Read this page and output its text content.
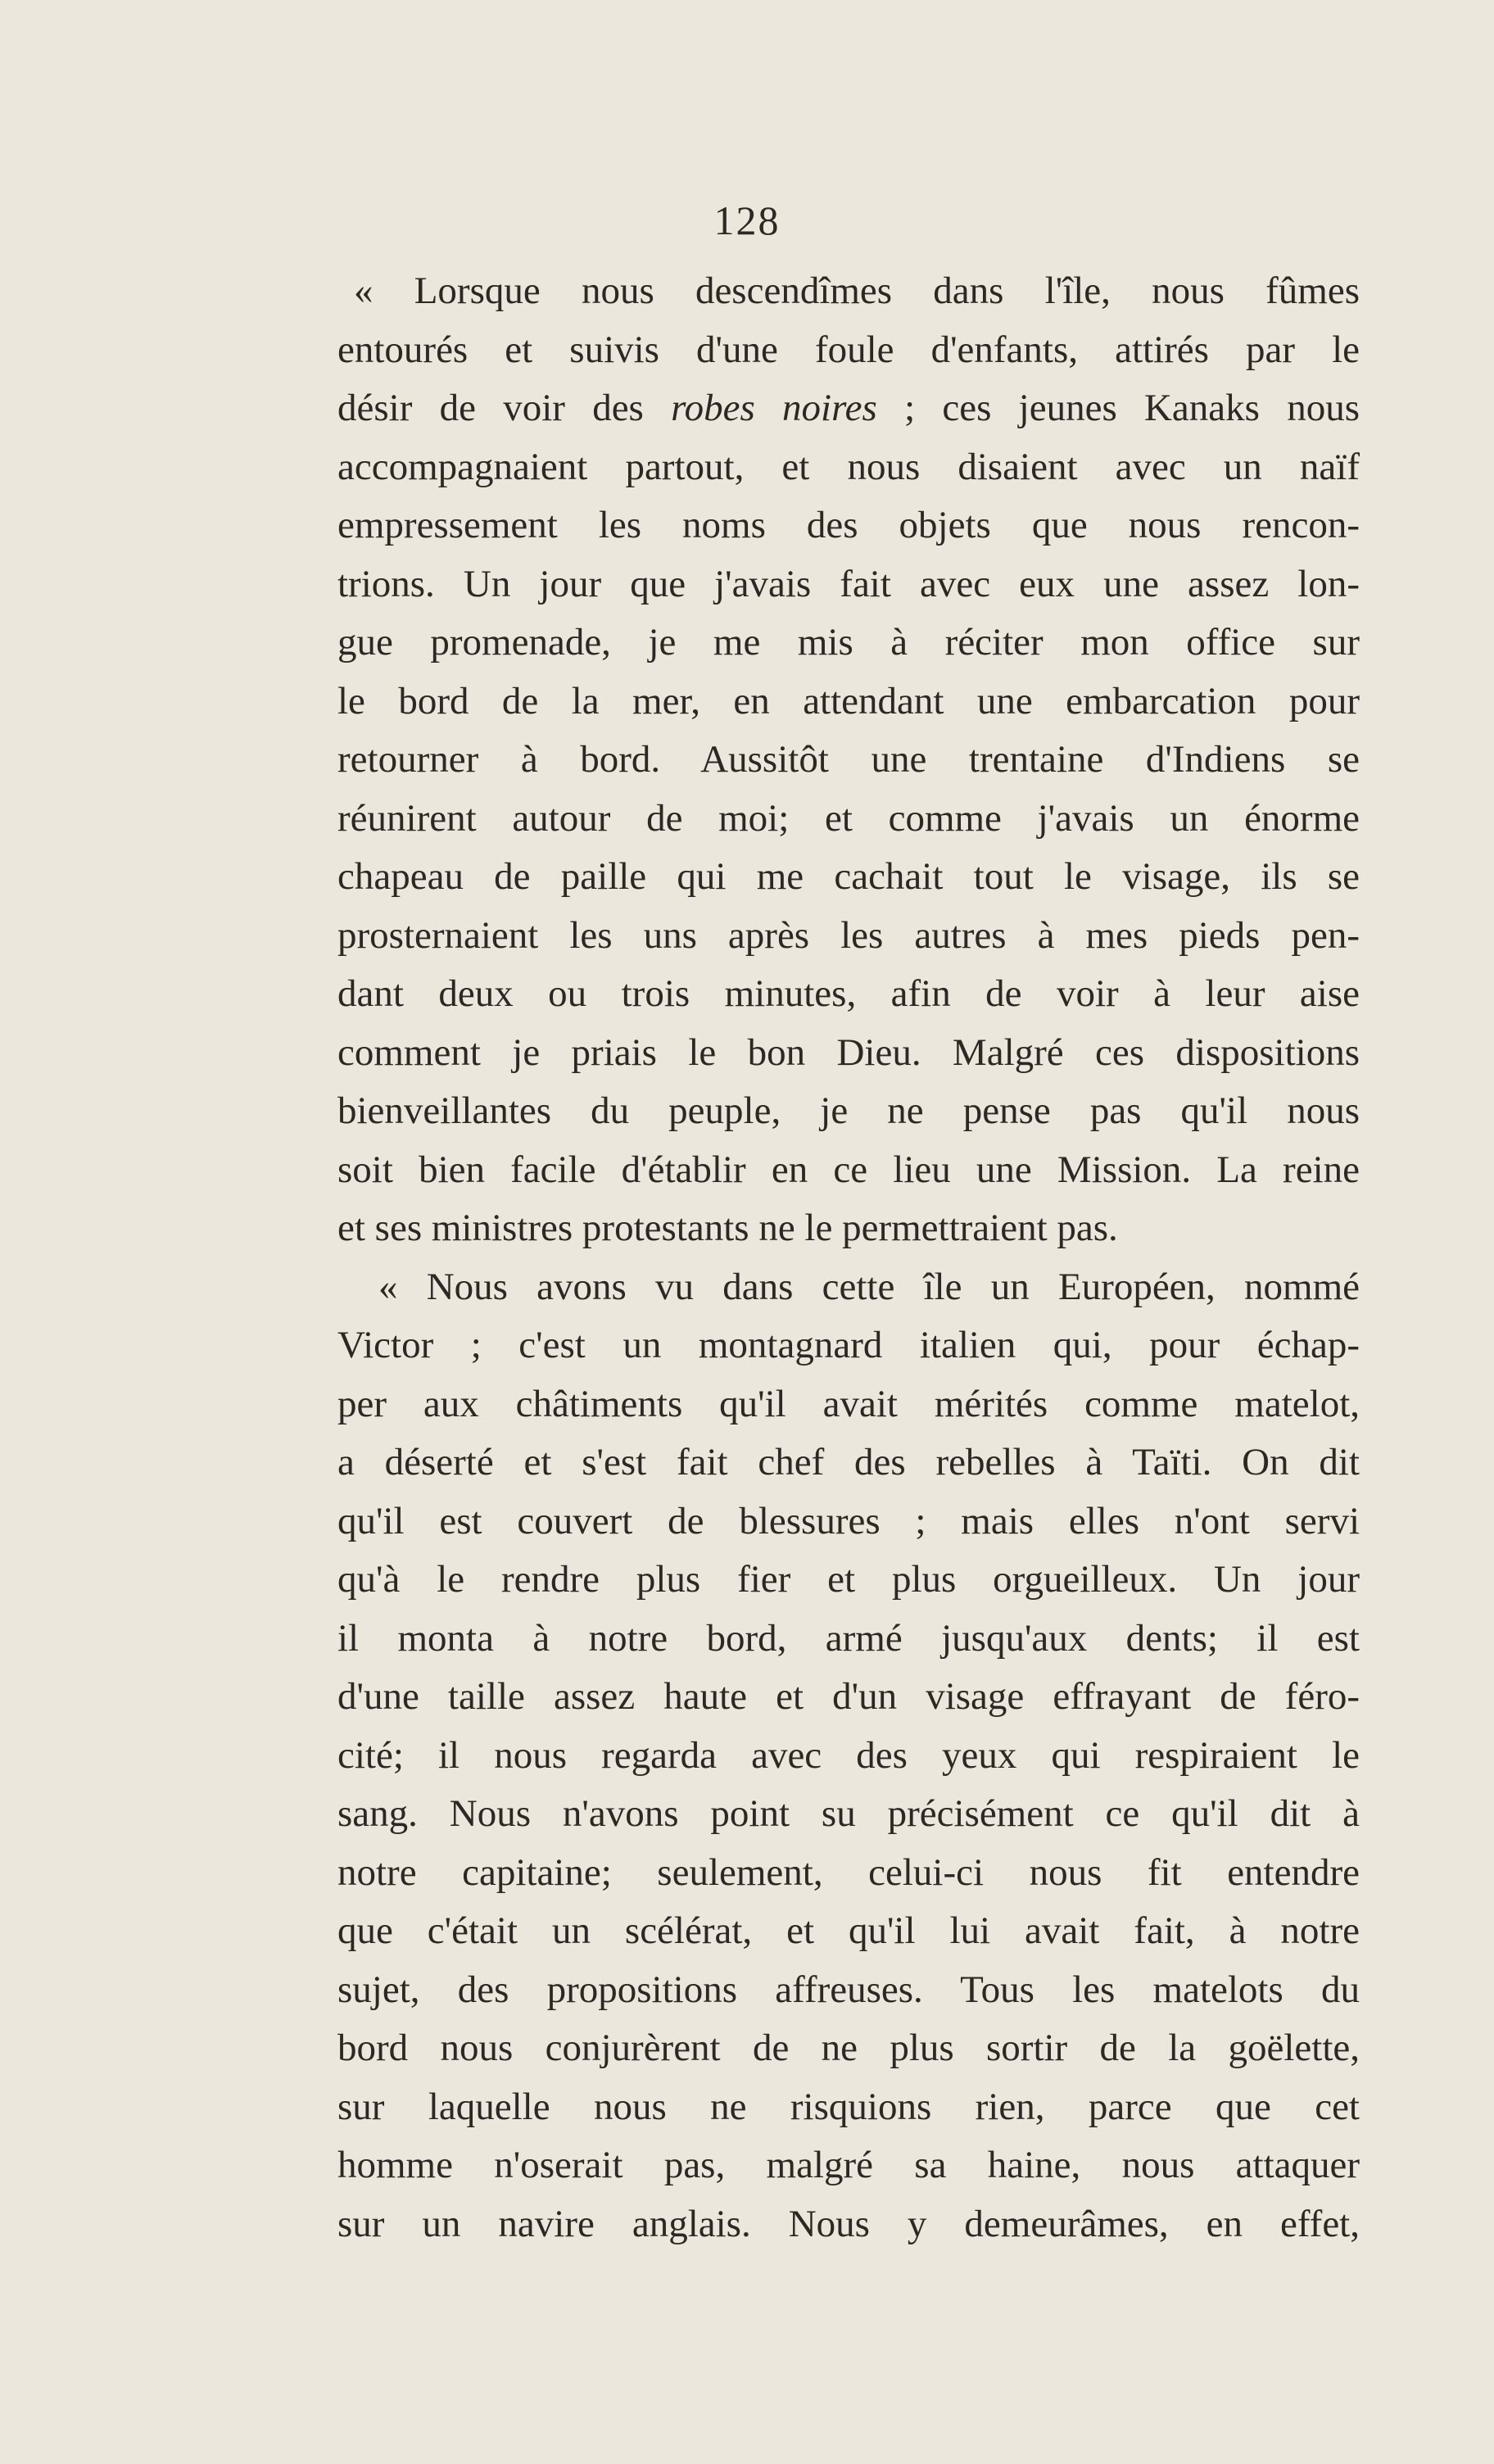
128
« Lorsque nous descendîmes dans l'île, nous fûmes
entourés et suivis d'une foule d'enfants, attirés par le
désir de voir des robes noires ; ces jeunes Kanaks nous
accompagnaient partout, et nous disaient avec un naïf
empressement les noms des objets que nous rencon-
trions. Un jour que j'avais fait avec eux une assez lon-
gue promenade, je me mis à réciter mon office sur
le bord de la mer, en attendant une embarcation pour
retourner à bord. Aussitôt une trentaine d'Indiens se
réunirent autour de moi; et comme j'avais un énorme
chapeau de paille qui me cachait tout le visage, ils se
prosternaient les uns après les autres à mes pieds pen-
dant deux ou trois minutes, afin de voir à leur aise
comment je priais le bon Dieu. Malgré ces dispositions
bienveillantes du peuple, je ne pense pas qu'il nous
soit bien facile d'établir en ce lieu une Mission. La reine
et ses ministres protestants ne le permettraient pas.
« Nous avons vu dans cette île un Européen, nommé
Victor ; c'est un montagnard italien qui, pour échap-
per aux châtiments qu'il avait mérités comme matelot,
a déserté et s'est fait chef des rebelles à Taïti. On dit
qu'il est couvert de blessures ; mais elles n'ont servi
qu'à le rendre plus fier et plus orgueilleux. Un jour
il monta à notre bord, armé jusqu'aux dents; il est
d'une taille assez haute et d'un visage effrayant de féro-
cité; il nous regarda avec des yeux qui respiraient le
sang. Nous n'avons point su précisément ce qu'il dit à
notre capitaine; seulement, celui-ci nous fit entendre
que c'était un scélérat, et qu'il lui avait fait, à notre
sujet, des propositions affreuses. Tous les matelots du
bord nous conjurèrent de ne plus sortir de la goëlette,
sur laquelle nous ne risquions rien, parce que cet
homme n'oserait pas, malgré sa haine, nous attaquer
sur un navire anglais. Nous y demeurâmes, en effet,
